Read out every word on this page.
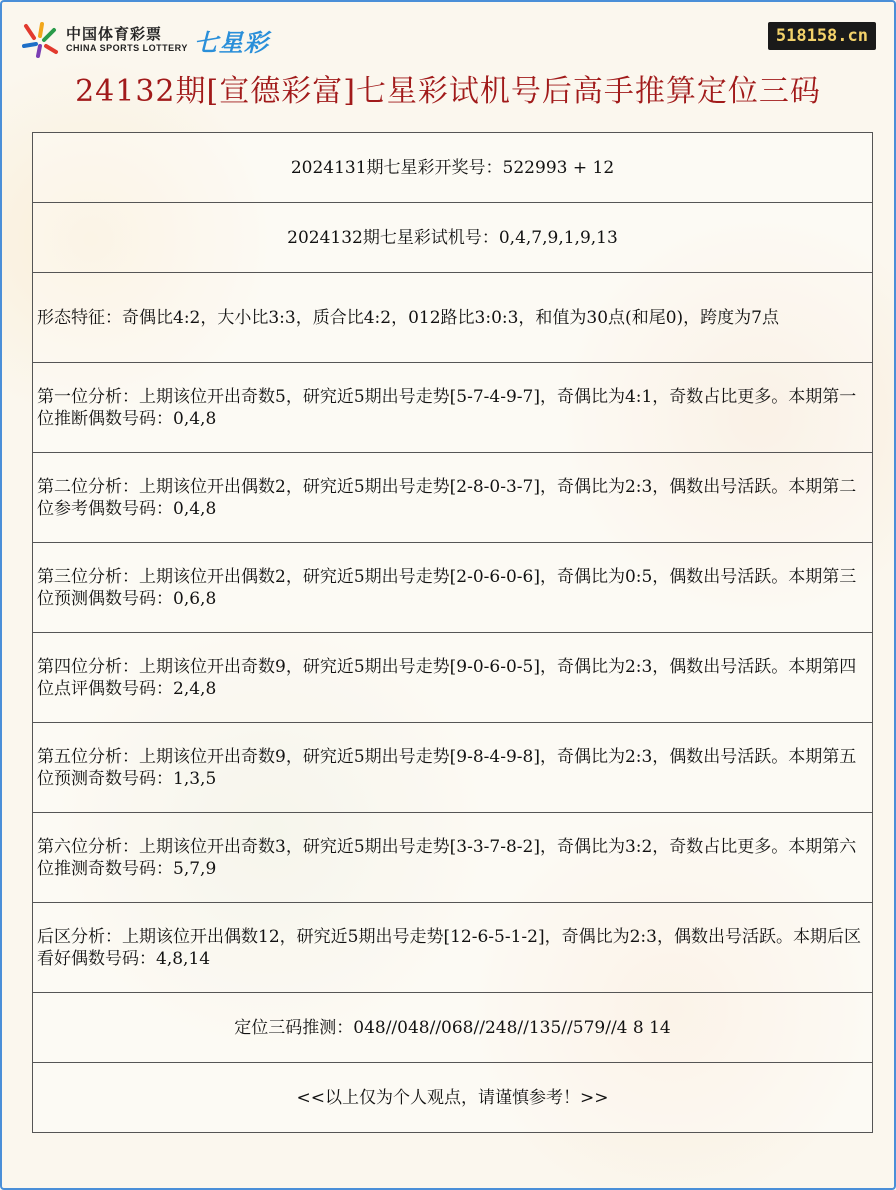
中国体育彩票
CHINA SPORTS LOTTERY 七星彩	518158.cn
24132期[宣德彩富]七星彩试机号后高手推算定位三码
2024131期七星彩开奖号：522993 + 12
2024132期七星彩试机号：0,4,7,9,1,9,13
形态特征：奇偶比4:2，大小比3:3，质合比4:2，012路比3:0:3，和值为30点(和尾0)，跨度为7点
第一位分析：上期该位开出奇数5，研究近5期出号走势[5-7-4-9-7]，奇偶比为4:1，奇数占比更多。本期第一位推断偶数号码：0,4,8
第二位分析：上期该位开出偶数2，研究近5期出号走势[2-8-0-3-7]，奇偶比为2:3，偶数出号活跃。本期第二位参考偶数号码：0,4,8
第三位分析：上期该位开出偶数2，研究近5期出号走势[2-0-6-0-6]，奇偶比为0:5，偶数出号活跃。本期第三位预测偶数号码：0,6,8
第四位分析：上期该位开出奇数9，研究近5期出号走势[9-0-6-0-5]，奇偶比为2:3，偶数出号活跃。本期第四位点评偶数号码：2,4,8
第五位分析：上期该位开出奇数9，研究近5期出号走势[9-8-4-9-8]，奇偶比为2:3，偶数出号活跃。本期第五位预测奇数号码：1,3,5
第六位分析：上期该位开出奇数3，研究近5期出号走势[3-3-7-8-2]，奇偶比为3:2，奇数占比更多。本期第六位推测奇数号码：5,7,9
后区分析：上期该位开出偶数12，研究近5期出号走势[12-6-5-1-2]，奇偶比为2:3，偶数出号活跃。本期后区看好偶数号码：4,8,14
定位三码推测：048//048//068//248//135//579//4 8 14
<<以上仅为个人观点，请谨慎参考！>>
